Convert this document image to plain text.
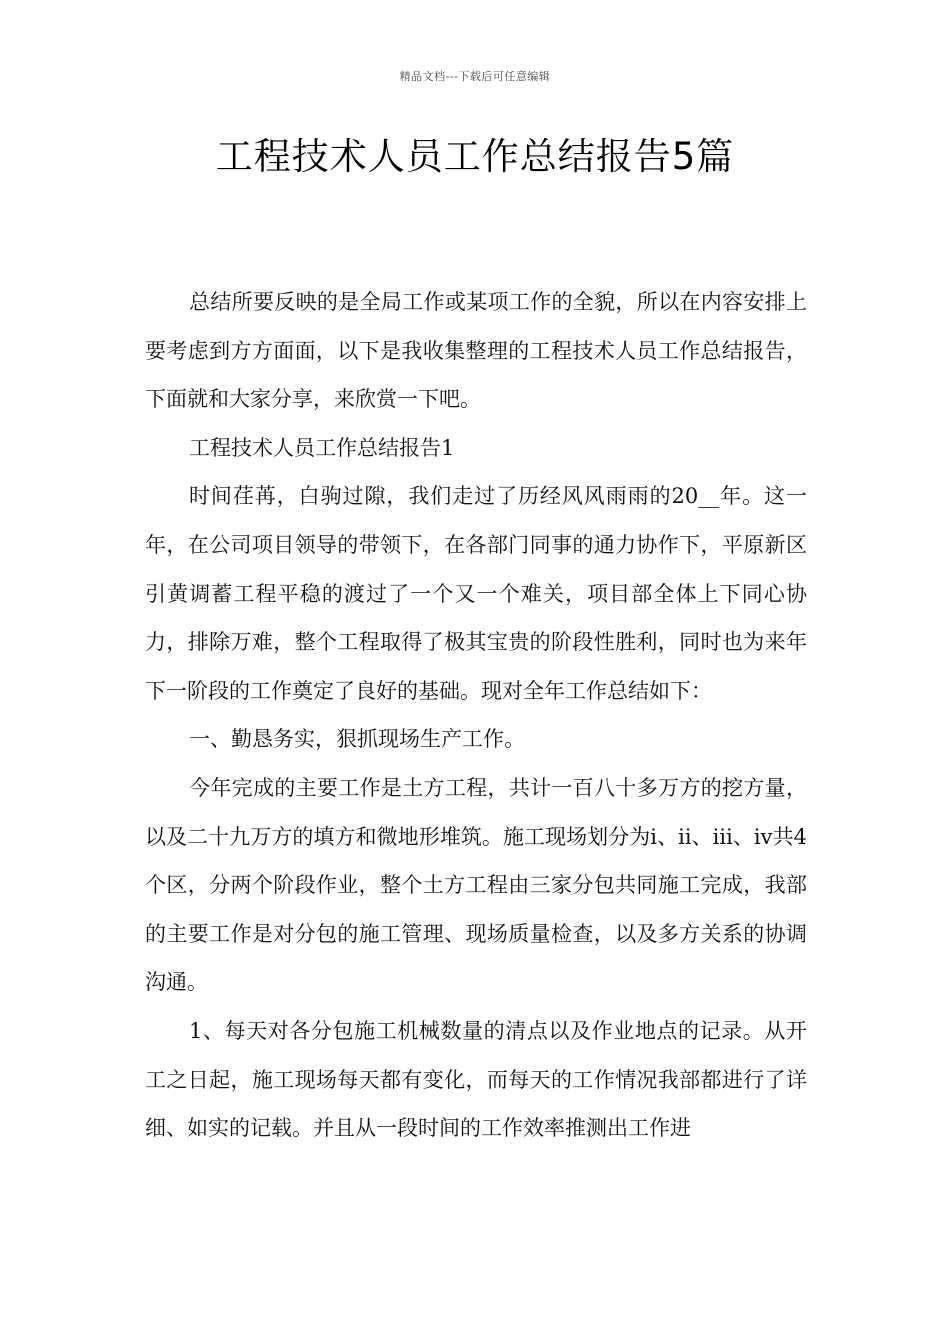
精品文档---下载后可任意编辑
工程技术人员工作总结报告5篇

总结所要反映的是全局工作或某项工作的全貌，所以在内容安排上要考虑到方方面面，以下是我收集整理的工程技术人员工作总结报告，下面就和大家分享，来欣赏一下吧。

工程技术人员工作总结报告1

时间荏苒，白驹过隙，我们走过了历经风风雨雨的20__年。这一年，在公司项目领导的带领下，在各部门同事的通力协作下，平原新区引黄调蓄工程平稳的渡过了一个又一个难关，项目部全体上下同心协力，排除万难，整个工程取得了极其宝贵的阶段性胜利，同时也为来年下一阶段的工作奠定了良好的基础。现对全年工作总结如下：

一、勤恳务实，狠抓现场生产工作。

今年完成的主要工作是土方工程，共计一百八十多万方的挖方量，以及二十九万方的填方和微地形堆筑。施工现场划分为ⅰ、ⅱ、ⅲ、ⅳ共4个区，分两个阶段作业，整个土方工程由三家分包共同施工完成，我部的主要工作是对分包的施工管理、现场质量检查，以及多方关系的协调沟通。

1、每天对各分包施工机械数量的清点以及作业地点的记录。从开工之日起，施工现场每天都有变化，而每天的工作情况我部都进行了详细、如实的记载。并且从一段时间的工作效率推测出工作进
